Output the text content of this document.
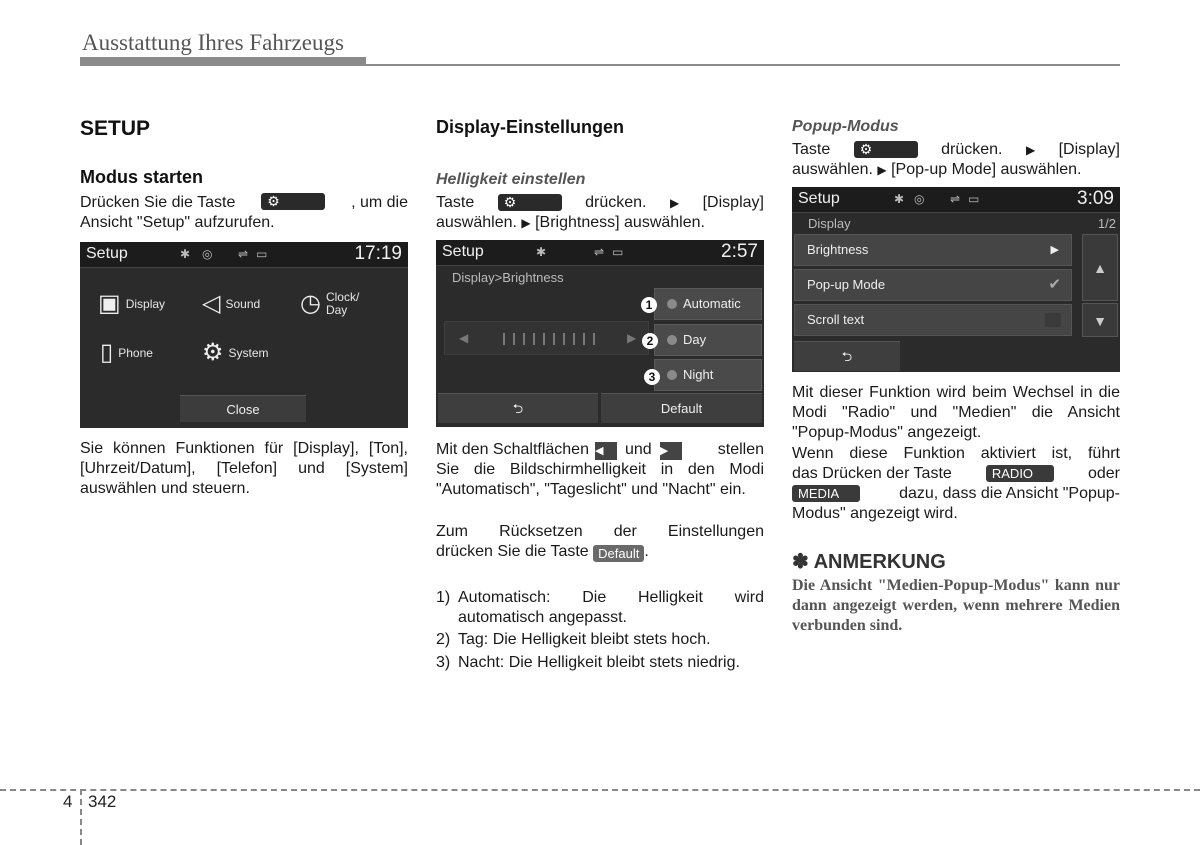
Ausstattung Ihres Fahrzeugs
SETUP
Modus starten
Drücken Sie die Taste	⚙	, um die
Ansicht "Setup" aufzurufen.
Setup	✱ ◎ ⇌ ▭	17:19
▣ Display ◁ Sound ◷ Clock/ Day
▯ Phone ⚙ System
Close
Sie können Funktionen für [Display], [Ton], [Uhrzeit/Datum], [Telefon] und [System] auswählen und steuern.
Display-Einstellungen
Helligkeit einstellen
Taste	⚙	drücken. ▶ [Display]
auswählen. ▶ [Brightness] auswählen.
Setup	✱	⇌ ▭	2:57
Display>Brightness
◀	▶
Automatic
Day
Night
1
2
3
⮌	Default
Mit den Schaltflächen ◀	und ▶	stellen
Sie die Bildschirmhelligkeit in den Modi "Automatisch", "Tageslicht" und "Nacht" ein.
Zum Rücksetzen der Einstellungen
drücken Sie die Taste Default .
1) Automatisch: Die Helligkeit wird automatisch angepasst.
2) Tag: Die Helligkeit bleibt stets hoch.
3) Nacht: Die Helligkeit bleibt stets niedrig.
Popup-Modus
Taste	⚙	drücken. ▶ [Display]
auswählen. ▶ [Pop-up Mode] auswählen.
Setup	✱ ◎ ⇌ ▭	3:09
Display	1/2
Brightness	▶
Pop-up Mode	✔
Scroll text
▲
▼
⮌
Mit dieser Funktion wird beim Wechsel in die Modi "Radio" und "Medien" die Ansicht "Popup-Modus" angezeigt.
Wenn diese Funktion aktiviert ist, führt
das Drücken der Taste	RADIO	oder
MEDIA	dazu, dass die Ansicht "Popup-
Modus" angezeigt wird.
✽ ANMERKUNG
Die Ansicht "Medien-Popup-Modus" kann nur dann angezeigt werden, wenn mehrere Medien verbunden sind.
4 342
